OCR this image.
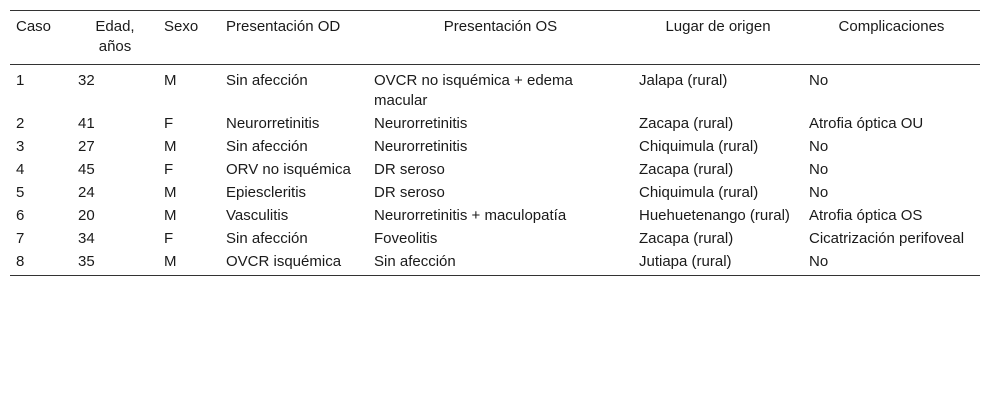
Caso	Edad, años	Sexo	Presentación OD	Presentación OS	Lugar de origen	Complicaciones
1	32	M	Sin afección	OVCR no isquémica + edema macular	Jalapa (rural)	No
2	41	F	Neurorretinitis	Neurorretinitis	Zacapa (rural)	Atrofia óptica OU
3	27	M	Sin afección	Neurorretinitis	Chiquimula (rural)	No
4	45	F	ORV no isquémica	DR seroso	Zacapa (rural)	No
5	24	M	Epiescleritis	DR seroso	Chiquimula (rural)	No
6	20	M	Vasculitis	Neurorretinitis + maculopatía	Huehuetenango (rural)	Atrofia óptica OS
7	34	F	Sin afección	Foveolitis	Zacapa (rural)	Cicatrización perifoveal
8	35	M	OVCR isquémica	Sin afección	Jutiapa (rural)	No
